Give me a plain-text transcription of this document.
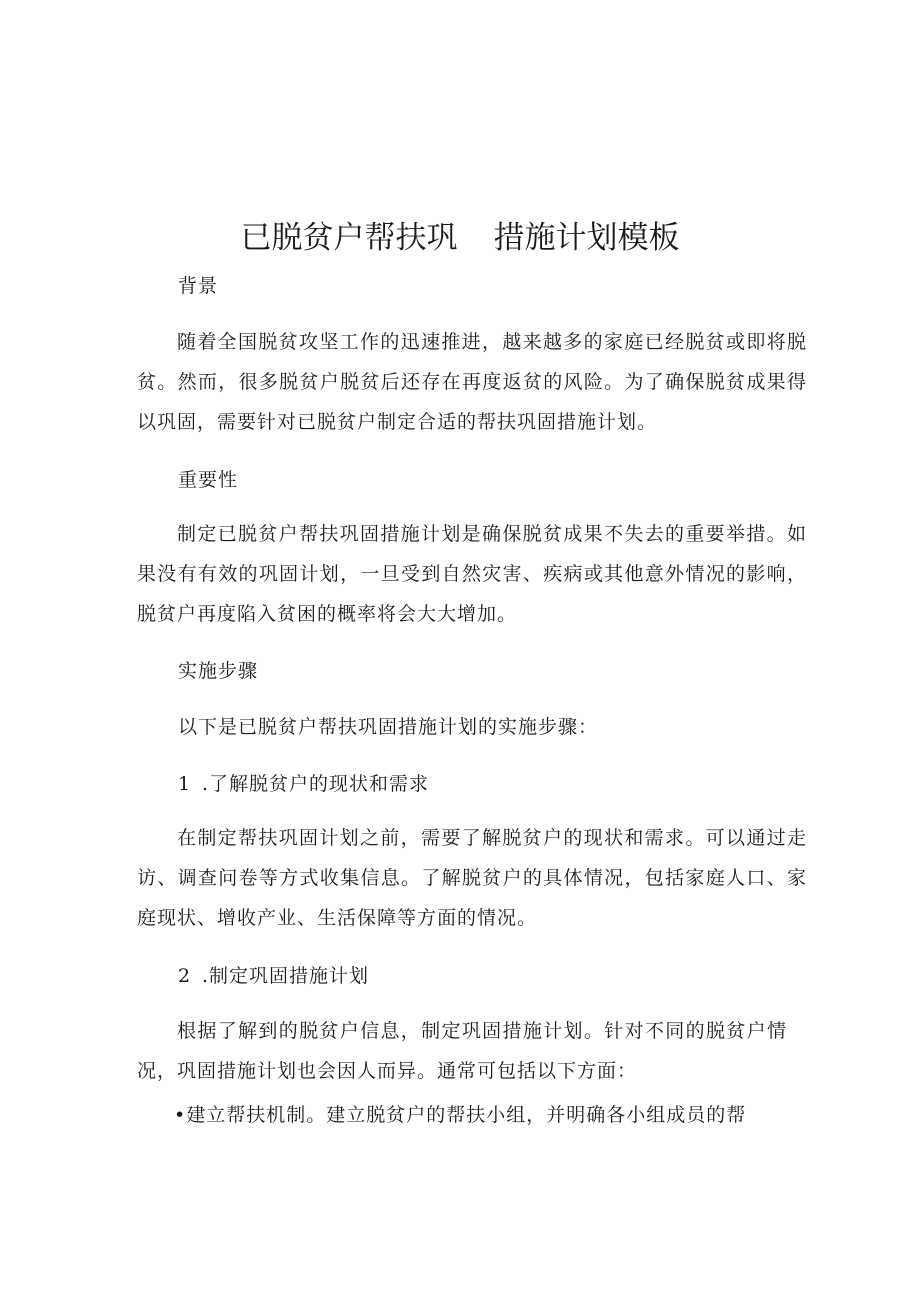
已脱贫户帮扶巩 措施计划模板

背景

随着全国脱贫攻坚工作的迅速推进，越来越多的家庭已经脱贫或即将脱贫。然而，很多脱贫户脱贫后还存在再度返贫的风险。为了确保脱贫成果得以巩固，需要针对已脱贫户制定合适的帮扶巩固措施计划。

重要性

制定已脱贫户帮扶巩固措施计划是确保脱贫成果不失去的重要举措。如果没有有效的巩固计划，一旦受到自然灾害、疾病或其他意外情况的影响，脱贫户再度陷入贫困的概率将会大大增加。

实施步骤

以下是已脱贫户帮扶巩固措施计划的实施步骤：

1 .了解脱贫户的现状和需求

在制定帮扶巩固计划之前，需要了解脱贫户的现状和需求。可以通过走访、调查问卷等方式收集信息。了解脱贫户的具体情况，包括家庭人口、家庭现状、增收产业、生活保障等方面的情况。

2 .制定巩固措施计划

根据了解到的脱贫户信息，制定巩固措施计划。针对不同的脱贫户情况，巩固措施计划也会因人而异。通常可包括以下方面：

•建立帮扶机制。建立脱贫户的帮扶小组，并明确各小组成员的帮
